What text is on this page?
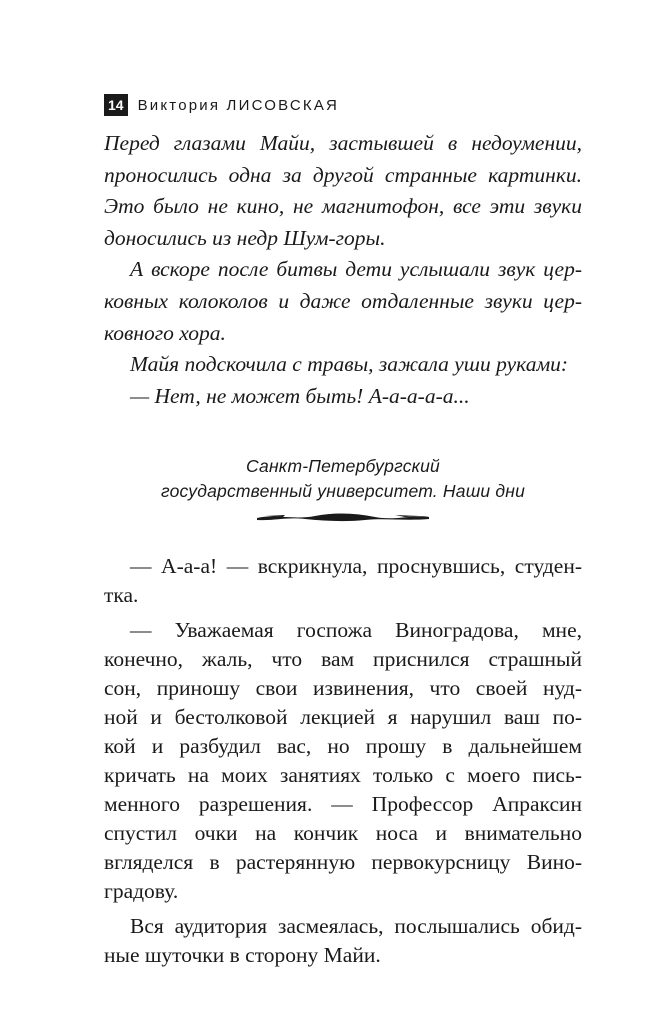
14 Виктория ЛИСОВСКАЯ

Перед глазами Майи, застывшей в недоумении,
проносились одна за другой странные картинки.
Это было не кино, не магнитофон, все эти звуки
доносились из недр Шум-горы.

А вскоре после битвы дети услышали звук цер-
ковных колоколов и даже отдаленные звуки цер-
ковного хора.

Майя подскочила с травы, зажала уши руками:

— Нет, не может быть! А-а-а-а-а...

Санкт-Петербургский
государственный университет. Наши дни

— А-а-а! — вскрикнула, проснувшись, студен-
тка.

— Уважаемая госпожа Виноградова, мне,
конечно, жаль, что вам приснился страшный
сон, приношу свои извинения, что своей нуд-
ной и бестолковой лекцией я нарушил ваш по-
кой и разбудил вас, но прошу в дальнейшем
кричать на моих занятиях только с моего пись-
менного разрешения. — Профессор Апраксин
спустил очки на кончик носа и внимательно
вгляделся в растерянную первокурсницу Вино-
градову.

Вся аудитория засмеялась, послышались обид-
ные шуточки в сторону Майи.
